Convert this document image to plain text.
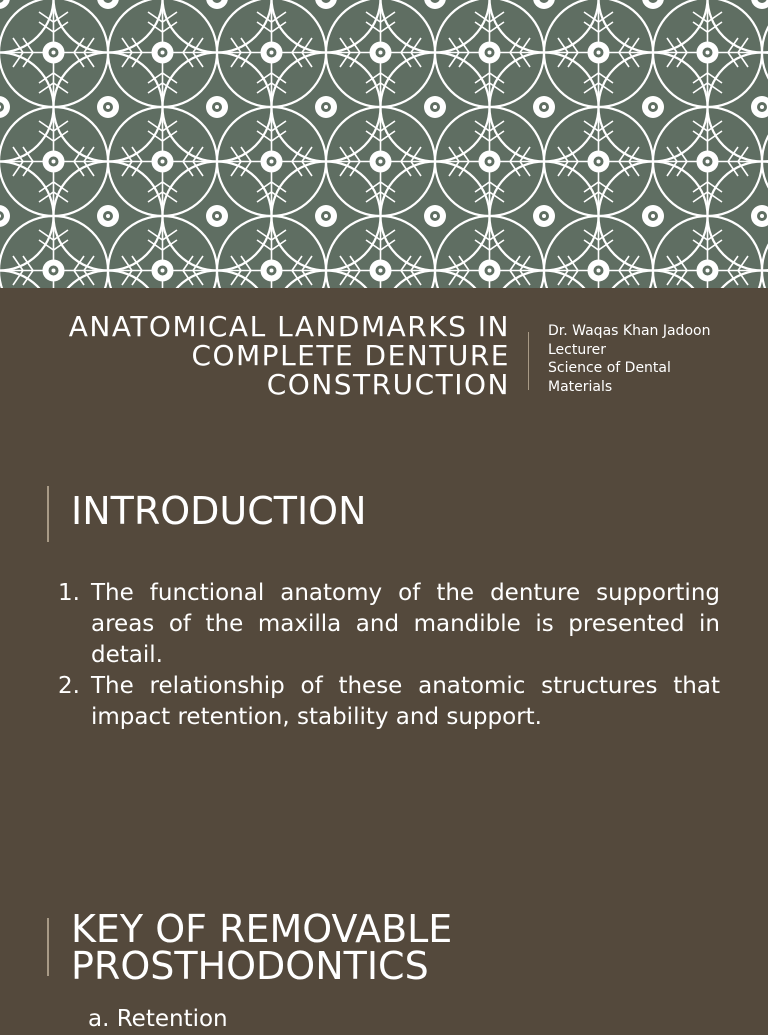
ANATOMICAL LANDMARKS IN
COMPLETE DENTURE
CONSTRUCTION
Dr. Waqas Khan Jadoon
Lecturer
Science of Dental
Materials
INTRODUCTION
1. The functional anatomy of the denture supporting areas of the maxilla and mandible is presented in detail.
2. The relationship of these anatomic structures that impact retention, stability and support.
KEY OF REMOVABLE
PROSTHODONTICS
a. Retention
